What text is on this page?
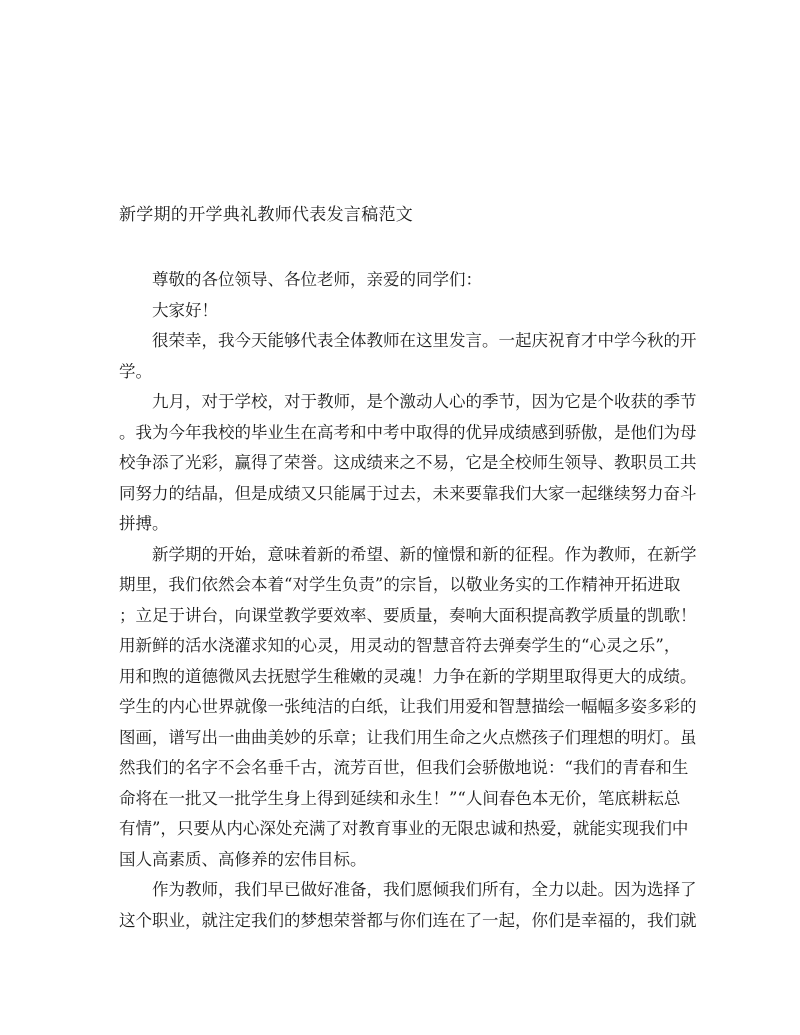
新学期的开学典礼教师代表发言稿范文

尊敬的各位领导、各位老师，亲爱的同学们：

大家好！

很荣幸，我今天能够代表全体教师在这里发言。一起庆祝育才中学今秋的开
学。

九月，对于学校，对于教师，是个激动人心的季节，因为它是个收获的季节
。我为今年我校的毕业生在高考和中考中取得的优异成绩感到骄傲，是他们为母
校争添了光彩，赢得了荣誉。这成绩来之不易，它是全校师生领导、教职员工共
同努力的结晶，但是成绩又只能属于过去，未来要靠我们大家一起继续努力奋斗
拼搏。

新学期的开始，意味着新的希望、新的憧憬和新的征程。作为教师，在新学
期里，我们依然会本着“对学生负责”的宗旨，以敬业务实的工作精神开拓进取
；立足于讲台，向课堂教学要效率、要质量，奏响大面积提高教学质量的凯歌！
用新鲜的活水浇灌求知的心灵，用灵动的智慧音符去弹奏学生的“心灵之乐”，
用和煦的道德微风去抚慰学生稚嫩的灵魂！力争在新的学期里取得更大的成绩。
学生的内心世界就像一张纯洁的白纸，让我们用爱和智慧描绘一幅幅多姿多彩的
图画，谱写出一曲曲美妙的乐章；让我们用生命之火点燃孩子们理想的明灯。虽
然我们的名字不会名垂千古，流芳百世，但我们会骄傲地说：“我们的青春和生
命将在一批又一批学生身上得到延续和永生！”“人间春色本无价，笔底耕耘总
有情”，只要从内心深处充满了对教育事业的无限忠诚和热爱，就能实现我们中
国人高素质、高修养的宏伟目标。

作为教师，我们早已做好准备，我们愿倾我们所有，全力以赴。因为选择了
这个职业，就注定我们的梦想荣誉都与你们连在了一起，你们是幸福的，我们就
